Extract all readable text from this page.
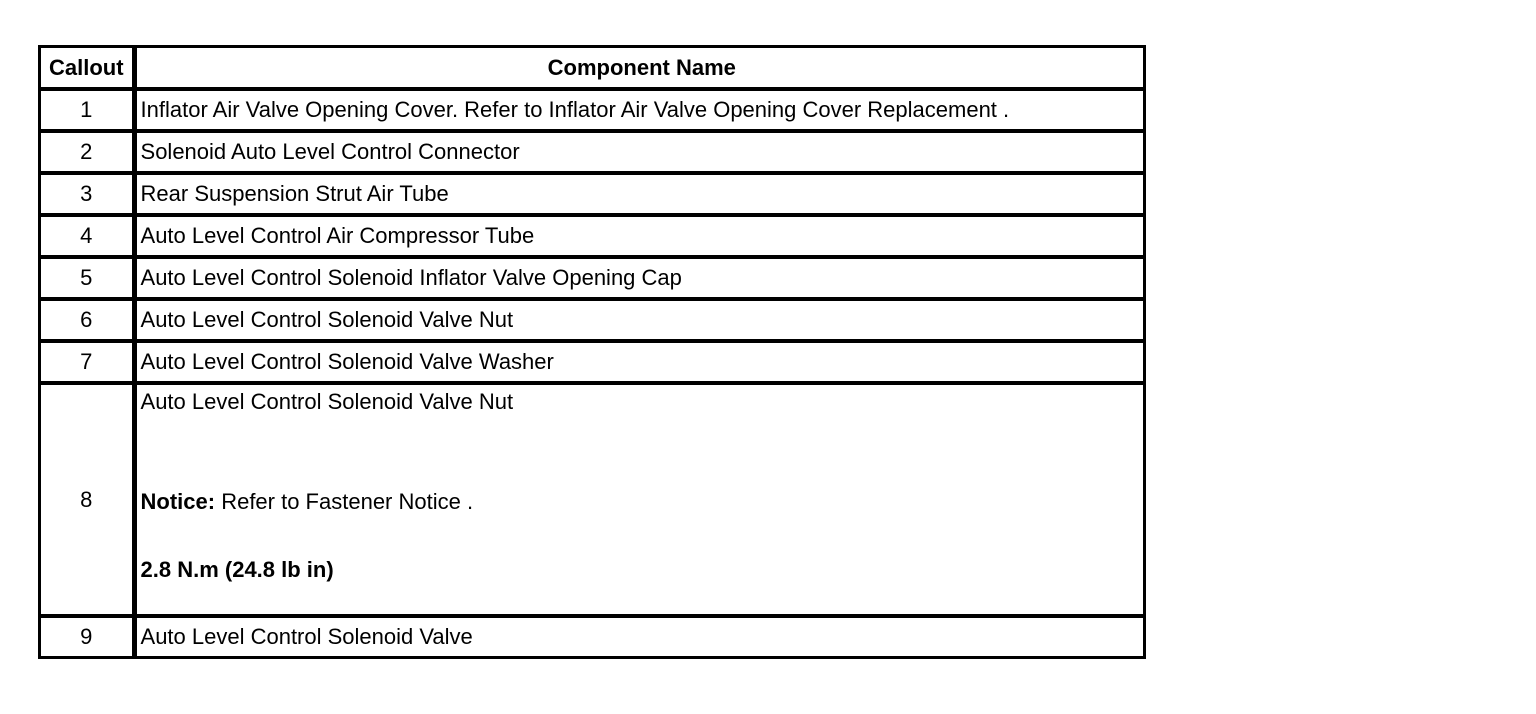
Callout	Component Name
1	Inflator Air Valve Opening Cover. Refer to Inflator Air Valve Opening Cover Replacement .
2	Solenoid Auto Level Control Connector
3	Rear Suspension Strut Air Tube
4	Auto Level Control Air Compressor Tube
5	Auto Level Control Solenoid Inflator Valve Opening Cap
6	Auto Level Control Solenoid Valve Nut
7	Auto Level Control Solenoid Valve Washer
8	Auto Level Control Solenoid Valve Nut
Notice: Refer to Fastener Notice .
2.8 N.m (24.8 lb in)

9	Auto Level Control Solenoid Valve
